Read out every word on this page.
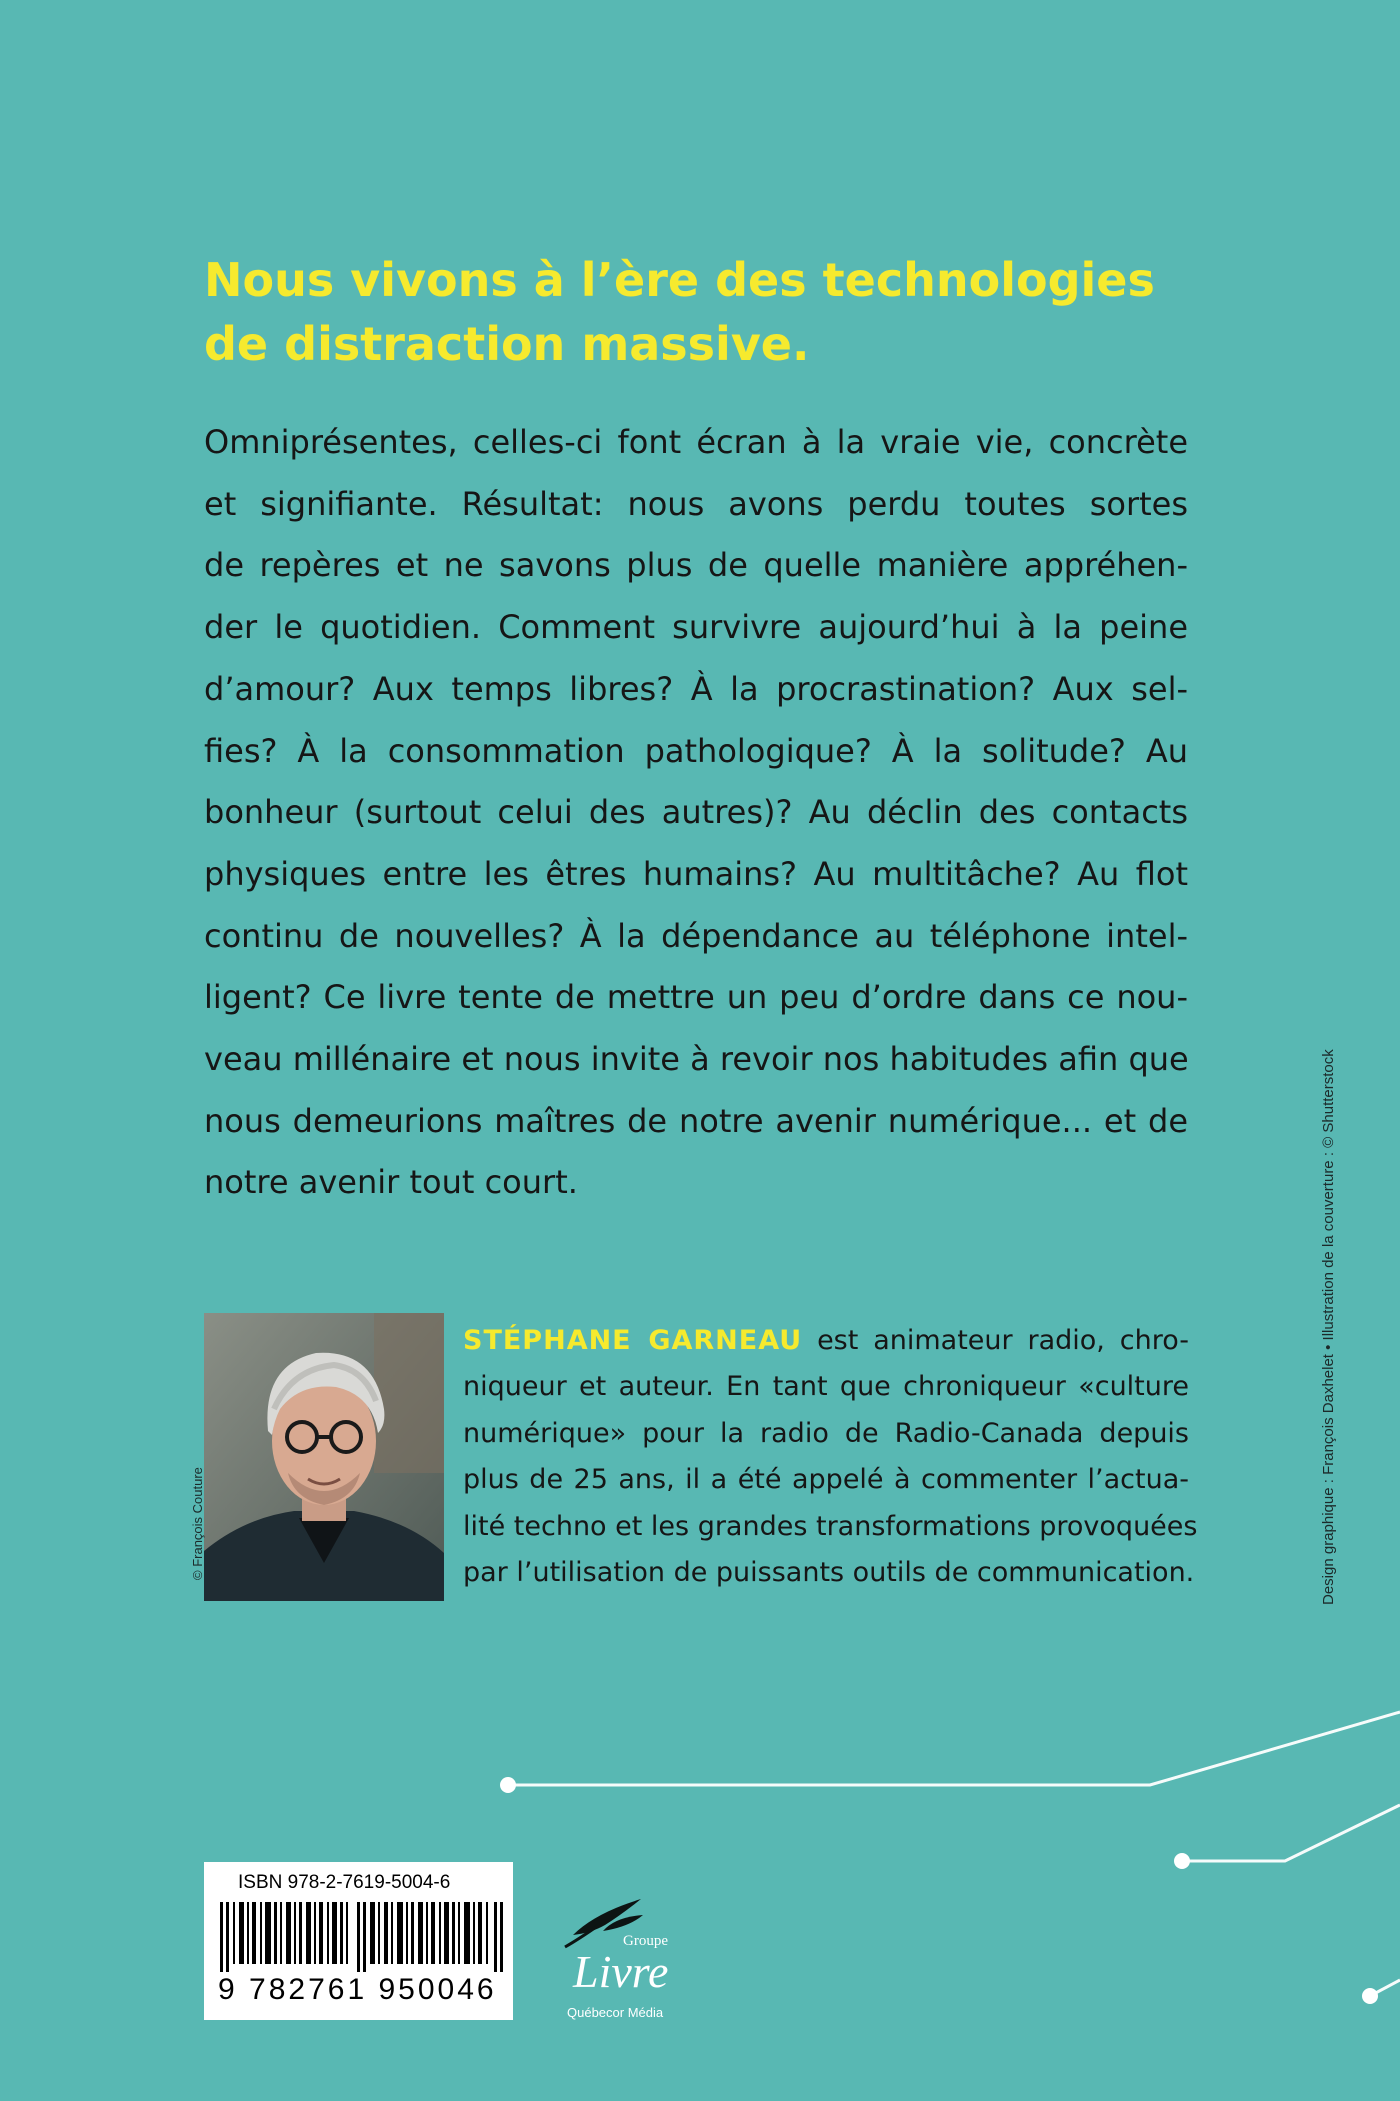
Nous vivons à l’ère des technologies
de distraction massive.
Omniprésentes, celles-ci font écran à la vraie vie, concrète
et signifiante. Résultat: nous avons perdu toutes sortes
de repères et ne savons plus de quelle manière appréhen-
der le quotidien. Comment survivre aujourd’hui à la peine
d’amour? Aux temps libres? À la procrastination? Aux sel-
fies? À la consommation pathologique? À la solitude? Au
bonheur (surtout celui des autres)? Au déclin des contacts
physiques entre les êtres humains? Au multitâche? Au flot
continu de nouvelles? À la dépendance au téléphone intel-
ligent? Ce livre tente de mettre un peu d’ordre dans ce nou-
veau millénaire et nous invite à revoir nos habitudes afin que
nous demeurions maîtres de notre avenir numérique... et de
notre avenir tout court.
© François Couture
STÉPHANE GARNEAU est animateur radio, chro-
niqueur et auteur. En tant que chroniqueur «culture
numérique» pour la radio de Radio-Canada depuis
plus de 25 ans, il a été appelé à commenter l’actua-
lité techno et les grandes transformations provoquées
par l’utilisation de puissants outils de communication.	Design graphique : François Daxhelet • Illustration de la couverture : © Shutterstock
ISBN 978-2-7619-5004-6
9 782761 950046
Groupe
Livre
Québecor Média
